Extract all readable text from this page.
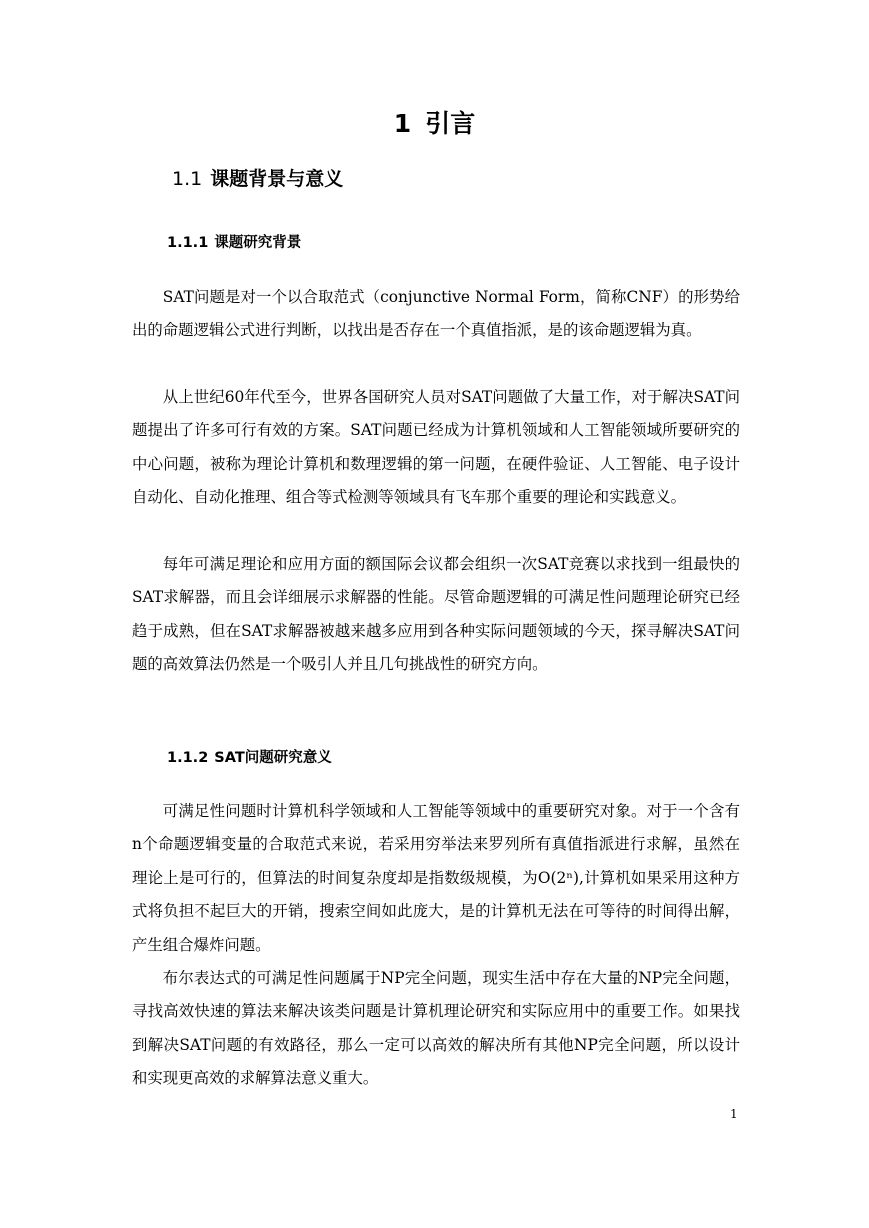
1 引言
1.1 课题背景与意义
1.1.1 课题研究背景

SAT问题是对一个以合取范式（conjunctive Normal Form，简称CNF）的形势给出的命题逻辑公式进行判断，以找出是否存在一个真值指派，是的该命题逻辑为真。

从上世纪60年代至今，世界各国研究人员对SAT问题做了大量工作，对于解决SAT问题提出了许多可行有效的方案。SAT问题已经成为计算机领域和人工智能领域所要研究的中心问题，被称为理论计算机和数理逻辑的第一问题，在硬件验证、人工智能、电子设计自动化、自动化推理、组合等式检测等领域具有飞车那个重要的理论和实践意义。

每年可满足理论和应用方面的额国际会议都会组织一次SAT竞赛以求找到一组最快的SAT求解器，而且会详细展示求解器的性能。尽管命题逻辑的可满足性问题理论研究已经趋于成熟，但在SAT求解器被越来越多应用到各种实际问题领域的今天，探寻解决SAT问题的高效算法仍然是一个吸引人并且几句挑战性的研究方向。

1.1.2 SAT问题研究意义

可满足性问题时计算机科学领域和人工智能等领域中的重要研究对象。对于一个含有n个命题逻辑变量的合取范式来说，若采用穷举法来罗列所有真值指派进行求解，虽然在理论上是可行的，但算法的时间复杂度却是指数级规模，为O(2ⁿ),计算机如果采用这种方式将负担不起巨大的开销，搜索空间如此庞大，是的计算机无法在可等待的时间得出解，产生组合爆炸问题。

布尔表达式的可满足性问题属于NP完全问题，现实生活中存在大量的NP完全问题，寻找高效快速的算法来解决该类问题是计算机理论研究和实际应用中的重要工作。如果找到解决SAT问题的有效路径，那么一定可以高效的解决所有其他NP完全问题，所以设计和实现更高效的求解算法意义重大。

1
